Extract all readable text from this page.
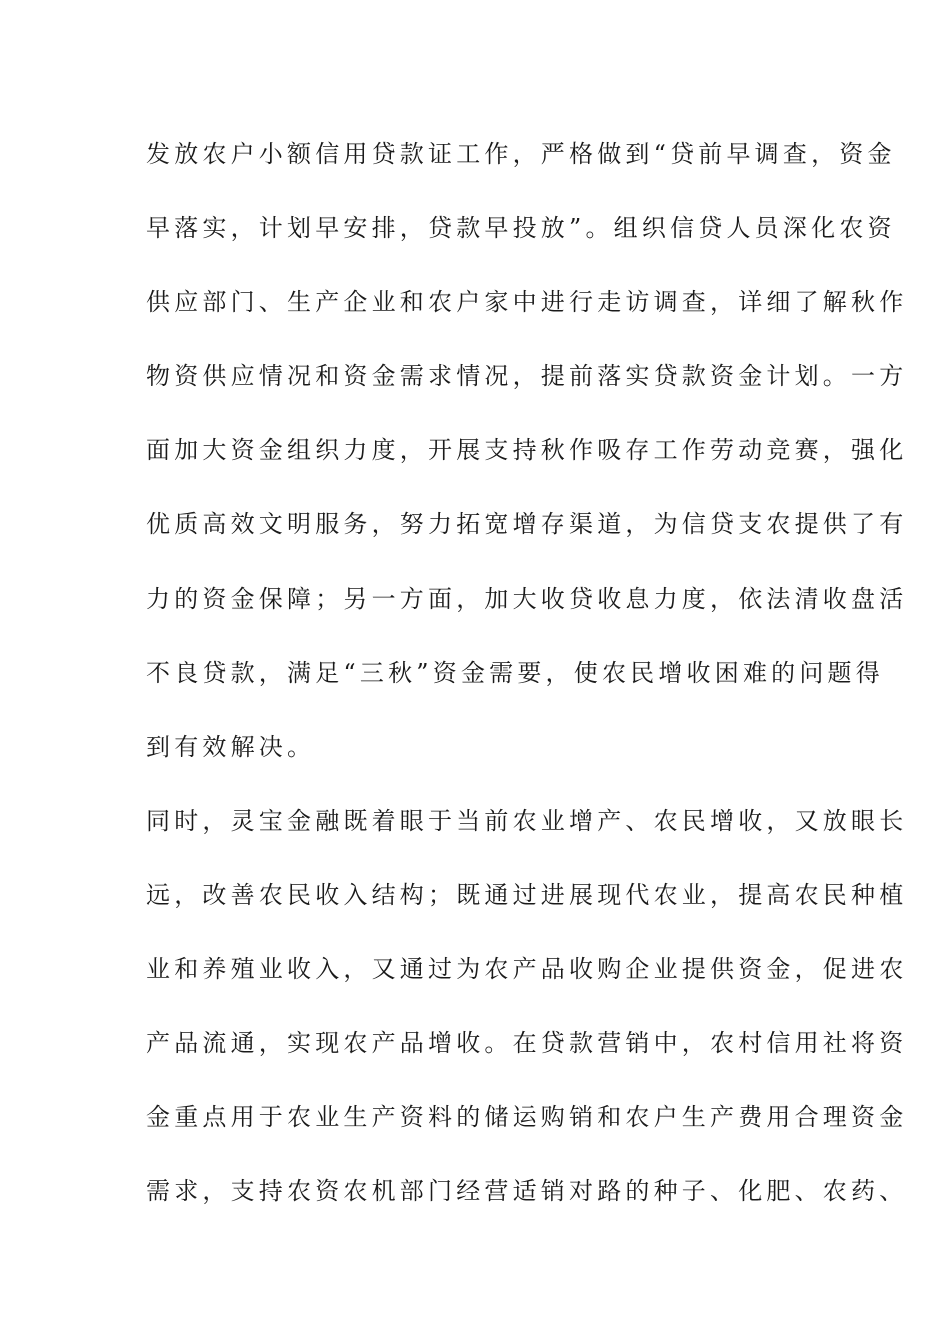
发放农户小额信用贷款证工作，严格做到“贷前早调查，资金
早落实，计划早安排，贷款早投放”。组织信贷人员深化农资
供应部门、生产企业和农户家中进行走访调查，详细了解秋作
物资供应情况和资金需求情况，提前落实贷款资金计划。一方
面加大资金组织力度，开展支持秋作吸存工作劳动竞赛，强化
优质高效文明服务，努力拓宽增存渠道，为信贷支农提供了有
力的资金保障；另一方面，加大收贷收息力度，依法清收盘活
不良贷款，满足“三秋”资金需要，使农民增收困难的问题得
到有效解决。
同时，灵宝金融既着眼于当前农业增产、农民增收，又放眼长
远，改善农民收入结构；既通过进展现代农业，提高农民种植
业和养殖业收入，又通过为农产品收购企业提供资金，促进农
产品流通，实现农产品增收。在贷款营销中，农村信用社将资
金重点用于农业生产资料的储运购销和农户生产费用合理资金
需求，支持农资农机部门经营适销对路的种子、化肥、农药、
